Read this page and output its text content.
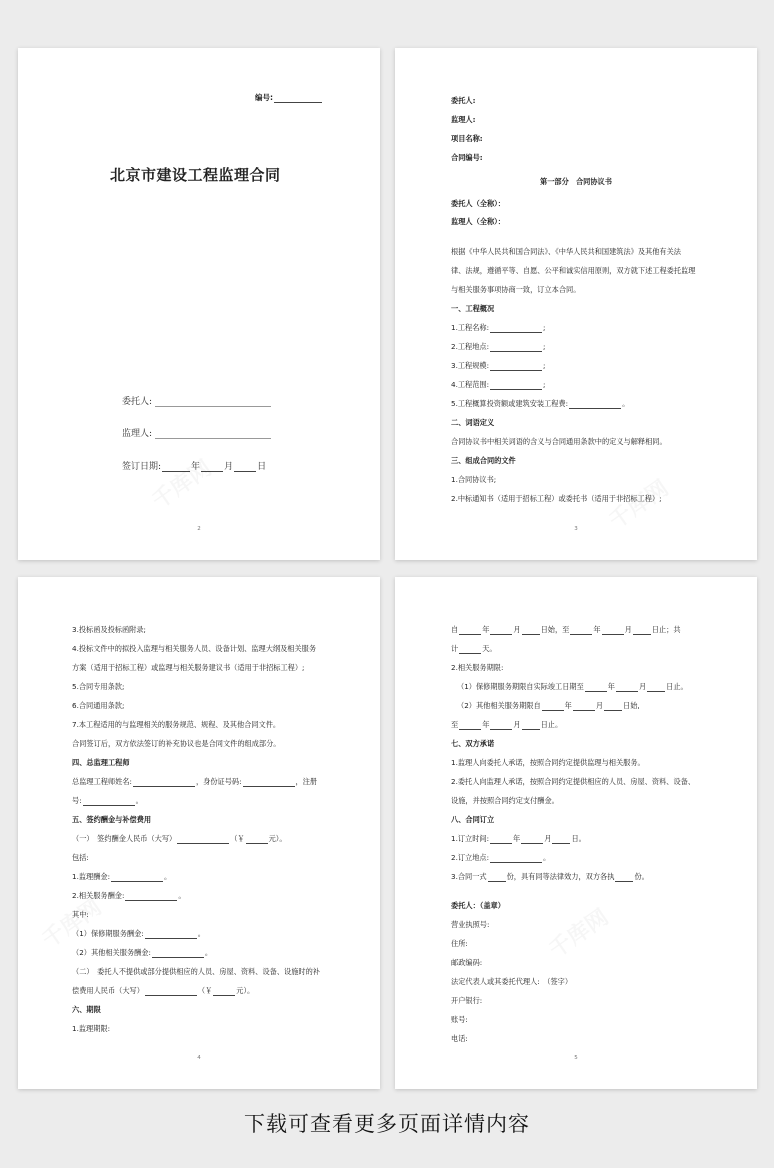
编号:
北京市建设工程监理合同
委托人:
监理人:
签订日期:	年	月	日
2
委托人:
监理人:
项目名称:
合同编号:
第一部分　合同协议书
委托人（全称）：
监理人（全称）：
根据《中华人民共和国合同法》、《中华人民共和国建筑法》及其他有关法
律、法规，遵循平等、自愿、公平和诚实信用原则，双方就下述工程委托监理
与相关服务事项协商一致，订立本合同。
一、工程概况
1.工程名称:	;
2.工程地点:	;
3.工程规模:	;
4.工程范围:	;
5.工程概算投资额或建筑安装工程费:	。
二、词语定义
合同协议书中相关词语的含义与合同通用条款中的定义与解释相同。
三、组成合同的文件
1.合同协议书;
2.中标通知书（适用于招标工程）或委托书（适用于非招标工程）;
3
3.投标函及投标函附录;
4.投标文件中的拟投入监理与相关服务人员、设备计划、监理大纲及相关服务
方案（适用于招标工程）或监理与相关服务建议书（适用于非招标工程）;
5.合同专用条款;
6.合同通用条款;
7.本工程适用的与监理相关的服务规范、规程、及其他合同文件。
合同签订后，双方依法签订的补充协议也是合同文件的组成部分。
四、总监理工程师
总监理工程师姓名:	，身份证号码:	，注册
号:	。
五、签约酬金与补偿费用
（一）　签约酬金人民币（大写）	（￥	元）。
包括:
1.监理酬金:	。
2.相关服务酬金:	。
其中:
（1）保修期服务酬金:	。
（2）其他相关服务酬金:	。
（二）　委托人不提供或部分提供相应的人员、房屋、资料、设备、设施时的补
偿费用人民币（大写）	（￥	元）。
六、期限
1.监理期限:
4
自	年	月	日始，至	年	月	日止；共
计	天。
2.相关服务期限:
（1）保修期服务期限自实际竣工日期至	年	月	日止。
（2）其他相关服务期限自	年	月	日始,
至	年	月	日止。
七、双方承诺
1.监理人向委托人承诺，按照合同约定提供监理与相关服务。
2.委托人向监理人承诺，按照合同约定提供相应的人员、房屋、资料、设备、
设施，并按照合同约定支付酬金。
八、合同订立
1.订立时间:	年	月	日。
2.订立地点:	。
3.合同一式	份，具有同等法律效力，双方各执	份。
委托人：（盖章）
营业执照号:
住所:
邮政编码:
法定代表人或其委托代理人:　（签字）
开户银行:
账号:
电话:
5
下载可查看更多页面详情内容
